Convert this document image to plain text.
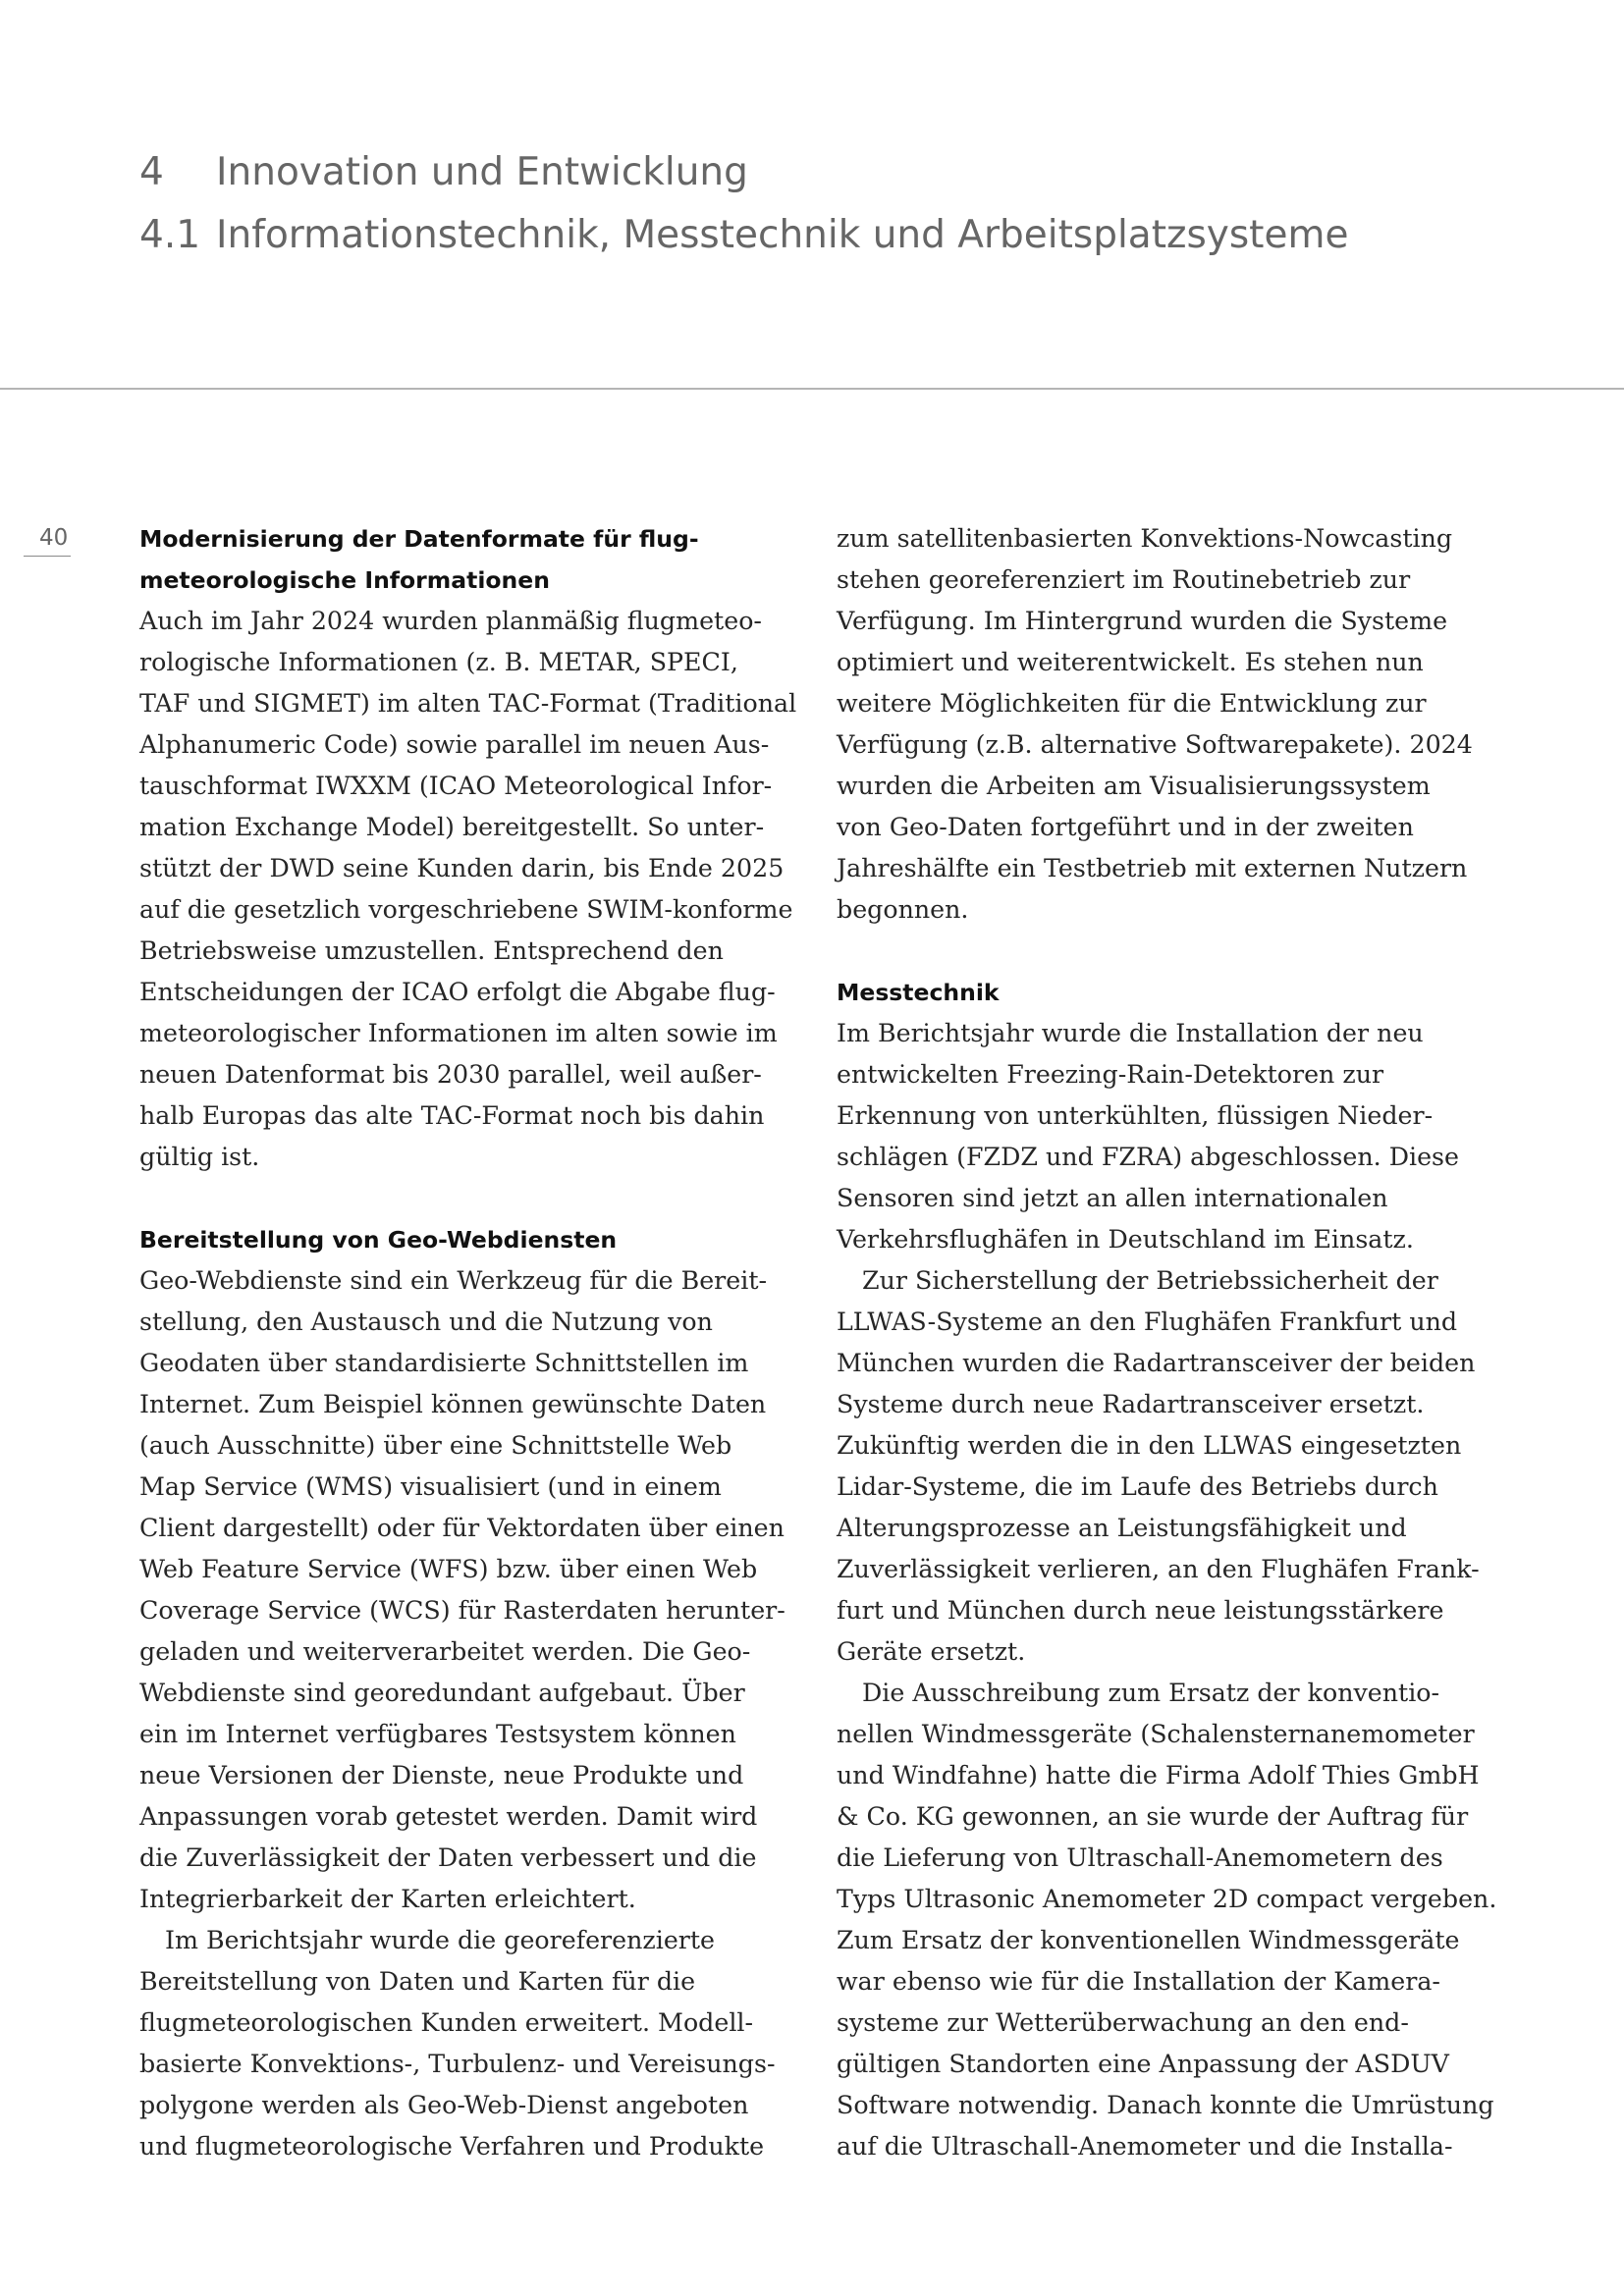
4 Innovation und Entwicklung
4.1 Informationstechnik, Messtechnik und Arbeitsplatzsysteme
40	Modernisierung der Datenformate für flug-
meteorologische Informationen
Auch im Jahr 2024 wurden planmäßig flugmeteo-
rologische Informationen (z. B. METAR, SPECI,
TAF und SIGMET) im alten TAC-Format (Traditional
Alphanumeric Code) sowie parallel im neuen Aus-
tauschformat IWXXM (ICAO Meteorological Infor-
mation Exchange Model) bereitgestellt. So unter-
stützt der DWD seine Kunden darin, bis Ende 2025
auf die gesetzlich vorgeschriebene SWIM-konforme
Betriebsweise umzustellen. Entsprechend den
Entscheidungen der ICAO erfolgt die Abgabe flug-
meteorologischer Informationen im alten sowie im
neuen Datenformat bis 2030 parallel, weil außer-
halb Europas das alte TAC-Format noch bis dahin
gültig ist.
Bereitstellung von Geo-Webdiensten
Geo-Webdienste sind ein Werkzeug für die Bereit-
stellung, den Austausch und die Nutzung von
Geodaten über standardisierte Schnittstellen im
Internet. Zum Beispiel können gewünschte Daten
(auch Ausschnitte) über eine Schnittstelle Web
Map Service (WMS) visualisiert (und in einem
Client dargestellt) oder für Vektordaten über einen
Web Feature Service (WFS) bzw. über einen Web
Coverage Service (WCS) für Rasterdaten herunter-
geladen und weiterverarbeitet werden. Die Geo-
Webdienste sind georedundant aufgebaut. Über
ein im Internet verfügbares Testsystem können
neue Versionen der Dienste, neue Produkte und
Anpassungen vorab getestet werden. Damit wird
die Zuverlässigkeit der Daten verbessert und die
Integrierbarkeit der Karten erleichtert.
Im Berichtsjahr wurde die georeferenzierte
Bereitstellung von Daten und Karten für die
flugmeteorologischen Kunden erweitert. Modell-
basierte Konvektions-, Turbulenz- und Vereisungs-
polygone werden als Geo-Web-Dienst angeboten
und flugmeteorologische Verfahren und Produkte
zum satellitenbasierten Konvektions-Nowcasting
stehen georeferenziert im Routinebetrieb zur
Verfügung. Im Hintergrund wurden die Systeme
optimiert und weiterentwickelt. Es stehen nun
weitere Möglichkeiten für die Entwicklung zur
Verfügung (z.B. alternative Softwarepakete). 2024
wurden die Arbeiten am Visualisierungssystem
von Geo-Daten fortgeführt und in der zweiten
Jahreshälfte ein Testbetrieb mit externen Nutzern
begonnen.
Messtechnik
Im Berichtsjahr wurde die Installation der neu
entwickelten Freezing-Rain-Detektoren zur
Erkennung von unterkühlten, flüssigen Nieder-
schlägen (FZDZ und FZRA) abgeschlossen. Diese
Sensoren sind jetzt an allen internationalen
Verkehrsflughäfen in Deutschland im Einsatz.
Zur Sicherstellung der Betriebssicherheit der
LLWAS-Systeme an den Flughäfen Frankfurt und
München wurden die Radartransceiver der beiden
Systeme durch neue Radartransceiver ersetzt.
Zukünftig werden die in den LLWAS eingesetzten
Lidar-Systeme, die im Laufe des Betriebs durch
Alterungsprozesse an Leistungsfähigkeit und
Zuverlässigkeit verlieren, an den Flughäfen Frank-
furt und München durch neue leistungsstärkere
Geräte ersetzt.
Die Ausschreibung zum Ersatz der konventio-
nellen Windmessgeräte (Schalensternanemometer
und Windfahne) hatte die Firma Adolf Thies GmbH
& Co. KG gewonnen, an sie wurde der Auftrag für
die Lieferung von Ultraschall-Anemometern des
Typs Ultrasonic Anemometer 2D compact vergeben.
Zum Ersatz der konventionellen Windmessgeräte
war ebenso wie für die Installation der Kamera-
systeme zur Wetterüberwachung an den end-
gültigen Standorten eine Anpassung der ASDUV
Software notwendig. Danach konnte die Umrüstung
auf die Ultraschall-Anemometer und die Installa-
